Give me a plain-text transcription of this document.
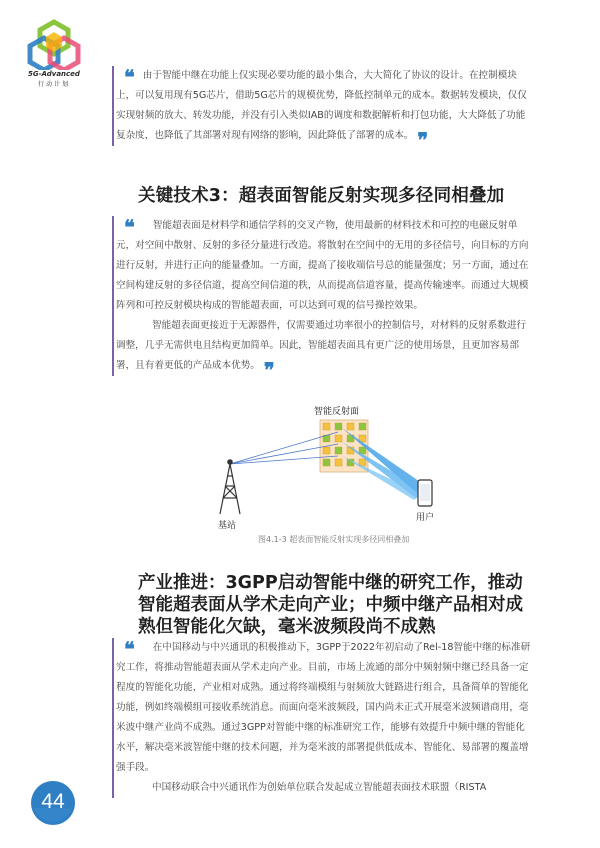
5G-Advanced
行动计划	❝ 由于智能中继在功能上仅实现必要功能的最小集合，大大简化了协议的设计。在控制模块上，可以复用现有5G芯片，借助5G芯片的规模优势，降低控制单元的成本。数据转发模块，仅仅实现射频的放大、转发功能，并没有引入类似IAB的调度和数据解析和打包功能，大大降低了功能复杂度，也降低了其部署对现有网络的影响，因此降低了部署的成本。 ❞
关键技术3：超表面智能反射实现多径同相叠加
❝ 智能超表面是材料学和通信学科的交叉产物，使用最新的材料技术和可控的电磁反射单元，对空间中散射、反射的多径分量进行改造。将散射在空间中的无用的多径信号，向目标的方向进行反射，并进行正向的能量叠加。一方面，提高了接收端信号总的能量强度；另一方面，通过在空间构建反射的多径信道，提高空间信道的秩，从而提高信道容量，提高传输速率。而通过大规模阵列和可控反射模块构成的智能超表面，可以达到可观的信号操控效果。
智能超表面更接近于无源器件，仅需要通过功率很小的控制信号，对材料的反射系数进行调整，几乎无需供电且结构更加简单。因此，智能超表面具有更广泛的使用场景，且更加容易部署，且有着更低的产品成本优势。 ❞
智能反射面
基站
用户
图4.1-3 超表面智能反射实现多径同相叠加
产业推进：3GPP启动智能中继的研究工作，推动智能超表面从学术走向产业；中频中继产品相对成熟但智能化欠缺，毫米波频段尚不成熟
❝ 在中国移动与中兴通讯的积极推动下，3GPP于2022年初启动了Rel-18智能中继的标准研究工作，将推动智能超表面从学术走向产业。目前，市场上流通的部分中频射频中继已经具备一定程度的智能化功能，产业相对成熟。通过将终端模组与射频放大链路进行组合，具备简单的智能化功能，例如终端模组可接收系统消息。而面向毫米波频段，国内尚未正式开展毫米波频谱商用，毫米波中继产业尚不成熟。通过3GPP对智能中继的标准研究工作，能够有效提升中频中继的智能化水平，解决毫米波智能中继的技术问题，并为毫米波的部署提供低成本、智能化、易部署的覆盖增强手段。
中国移动联合中兴通讯作为创始单位联合发起成立智能超表面技术联盟（RISTA
44
